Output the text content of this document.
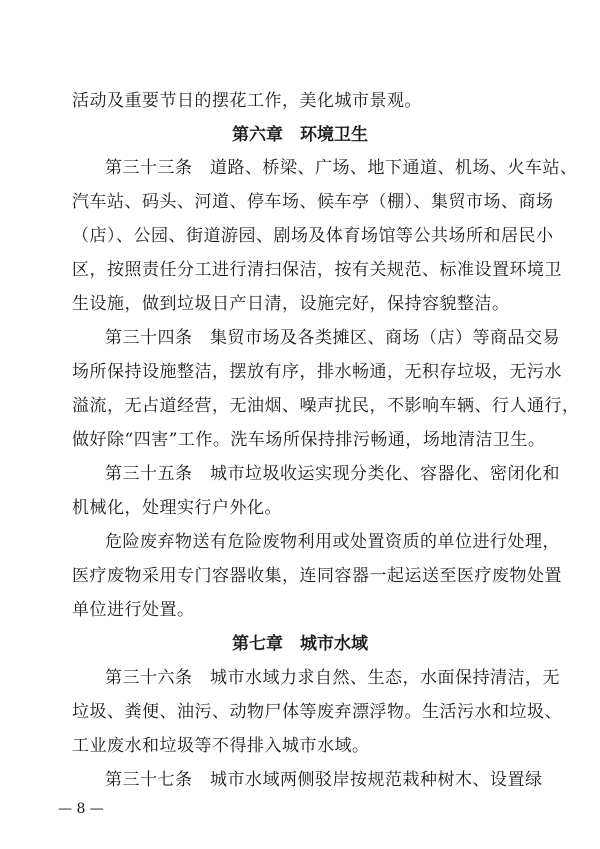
活动及重要节日的摆花工作，美化城市景观。
第六章　环境卫生
第三十三条　道路、桥梁、广场、地下通道、机场、火车站、
汽车站、码头、河道、停车场、候车亭（棚）、集贸市场、商场
（店）、公园、街道游园、剧场及体育场馆等公共场所和居民小
区，按照责任分工进行清扫保洁，按有关规范、标准设置环境卫
生设施，做到垃圾日产日清，设施完好，保持容貌整洁。
第三十四条　集贸市场及各类摊区、商场（店）等商品交易
场所保持设施整洁，摆放有序，排水畅通，无积存垃圾，无污水
溢流，无占道经营，无油烟、噪声扰民，不影响车辆、行人通行，
做好除“四害”工作。洗车场所保持排污畅通，场地清洁卫生。
第三十五条　城市垃圾收运实现分类化、容器化、密闭化和
机械化，处理实行户外化。
危险废弃物送有危险废物利用或处置资质的单位进行处理，
医疗废物采用专门容器收集，连同容器一起运送至医疗废物处置
单位进行处置。
第七章　城市水域
第三十六条　城市水域力求自然、生态，水面保持清洁，无
垃圾、粪便、油污、动物尸体等废弃漂浮物。生活污水和垃圾、
工业废水和垃圾等不得排入城市水域。
第三十七条　城市水域两侧驳岸按规范栽种树木、设置绿
— 8 —
